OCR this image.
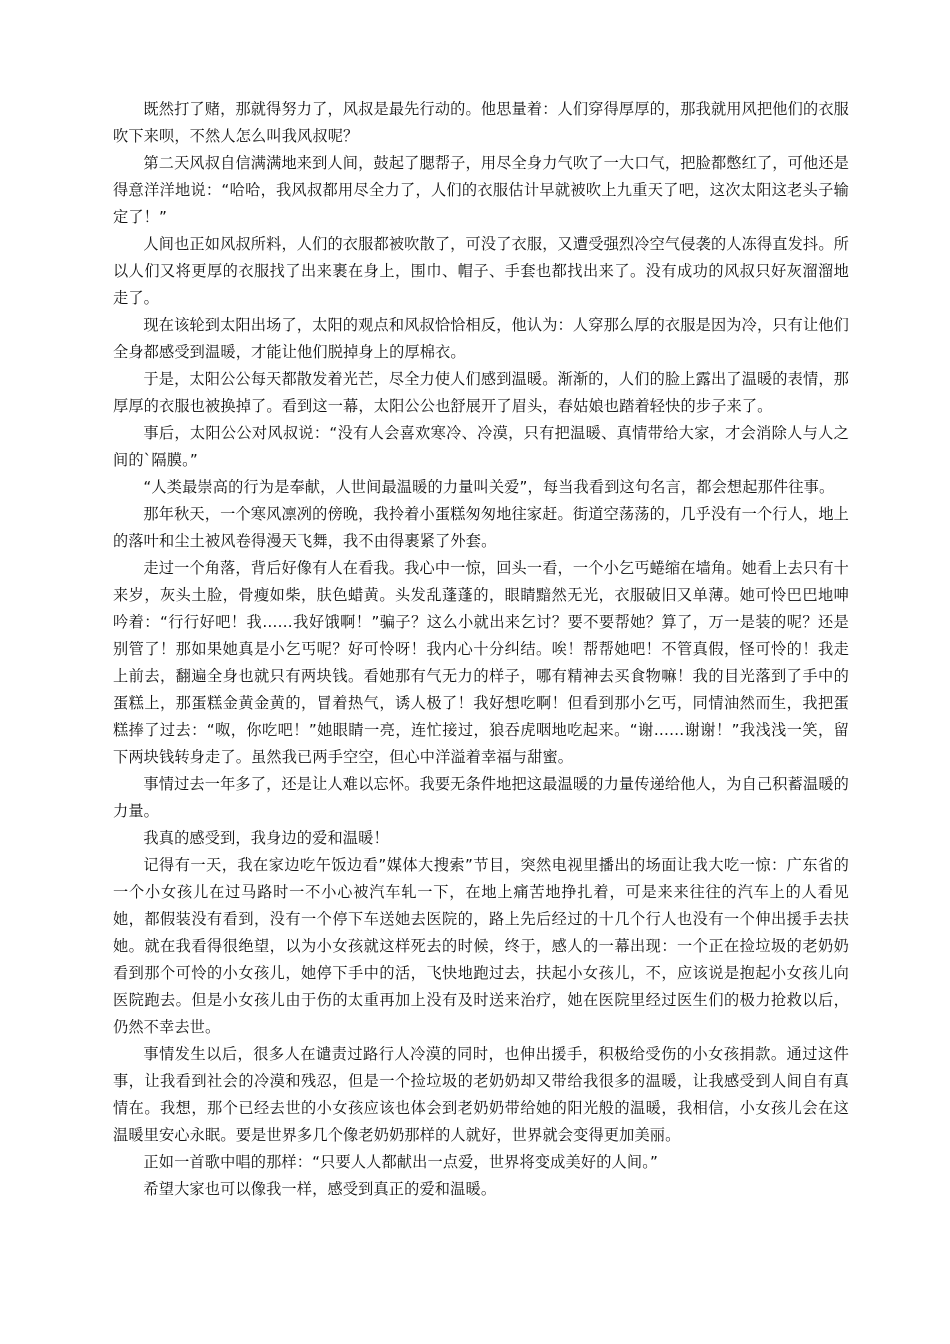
既然打了赌，那就得努力了，风叔是最先行动的。他思量着：人们穿得厚厚的，那我就用风把他们的衣服吹下来呗，不然人怎么叫我风叔呢？

第二天风叔自信满满地来到人间，鼓起了腮帮子，用尽全身力气吹了一大口气，把脸都憋红了，可他还是得意洋洋地说：“哈哈，我风叔都用尽全力了，人们的衣服估计早就被吹上九重天了吧，这次太阳这老头子输定了！”

人间也正如风叔所料，人们的衣服都被吹散了，可没了衣服，又遭受强烈冷空气侵袭的人冻得直发抖。所以人们又将更厚的衣服找了出来裹在身上，围巾、帽子、手套也都找出来了。没有成功的风叔只好灰溜溜地走了。

现在该轮到太阳出场了，太阳的观点和风叔恰恰相反，他认为：人穿那么厚的衣服是因为冷，只有让他们全身都感受到温暖，才能让他们脱掉身上的厚棉衣。

于是，太阳公公每天都散发着光芒，尽全力使人们感到温暖。渐渐的，人们的脸上露出了温暖的表情，那厚厚的衣服也被换掉了。看到这一幕，太阳公公也舒展开了眉头，春姑娘也踏着轻快的步子来了。

事后，太阳公公对风叔说：“没有人会喜欢寒冷、冷漠，只有把温暖、真情带给大家，才会消除人与人之间的`隔膜。”

“人类最崇高的行为是奉献，人世间最温暖的力量叫关爱”，每当我看到这句名言，都会想起那件往事。

那年秋天，一个寒风凛冽的傍晚，我拎着小蛋糕匆匆地往家赶。街道空荡荡的，几乎没有一个行人，地上的落叶和尘土被风卷得漫天飞舞，我不由得裹紧了外套。

走过一个角落，背后好像有人在看我。我心中一惊，回头一看，一个小乞丐蜷缩在墙角。她看上去只有十来岁，灰头土脸，骨瘦如柴，肤色蜡黄。头发乱蓬蓬的，眼睛黯然无光，衣服破旧又单薄。她可怜巴巴地呻吟着：“行行好吧！我……我好饿啊！”骗子？这么小就出来乞讨？要不要帮她？算了，万一是装的呢？还是别管了！那如果她真是小乞丐呢？好可怜呀！我内心十分纠结。唉！帮帮她吧！不管真假，怪可怜的！我走上前去，翻遍全身也就只有两块钱。看她那有气无力的样子，哪有精神去买食物嘛！我的目光落到了手中的蛋糕上，那蛋糕金黄金黄的，冒着热气，诱人极了！我好想吃啊！但看到那小乞丐，同情油然而生，我把蛋糕捧了过去：“呶，你吃吧！”她眼睛一亮，连忙接过，狼吞虎咽地吃起来。“谢……谢谢！”我浅浅一笑，留下两块钱转身走了。虽然我已两手空空，但心中洋溢着幸福与甜蜜。

事情过去一年多了，还是让人难以忘怀。我要无条件地把这最温暖的力量传递给他人，为自己积蓄温暖的力量。

我真的感受到，我身边的爱和温暖！

记得有一天，我在家边吃午饭边看”媒体大搜索”节目，突然电视里播出的场面让我大吃一惊：广东省的一个小女孩儿在过马路时一不小心被汽车轧一下，在地上痛苦地挣扎着，可是来来往往的汽车上的人看见她，都假装没有看到，没有一个停下车送她去医院的，路上先后经过的十几个行人也没有一个伸出援手去扶她。就在我看得很绝望，以为小女孩就这样死去的时候，终于，感人的一幕出现：一个正在捡垃圾的老奶奶看到那个可怜的小女孩儿，她停下手中的活，飞快地跑过去，扶起小女孩儿，不，应该说是抱起小女孩儿向医院跑去。但是小女孩儿由于伤的太重再加上没有及时送来治疗，她在医院里经过医生们的极力抢救以后，仍然不幸去世。

事情发生以后，很多人在谴责过路行人冷漠的同时，也伸出援手，积极给受伤的小女孩捐款。通过这件事，让我看到社会的冷漠和残忍，但是一个捡垃圾的老奶奶却又带给我很多的温暖，让我感受到人间自有真情在。我想，那个已经去世的小女孩应该也体会到老奶奶带给她的阳光般的温暖，我相信，小女孩儿会在这温暖里安心永眠。要是世界多几个像老奶奶那样的人就好，世界就会变得更加美丽。

正如一首歌中唱的那样：“只要人人都献出一点爱，世界将变成美好的人间。”

希望大家也可以像我一样，感受到真正的爱和温暖。
